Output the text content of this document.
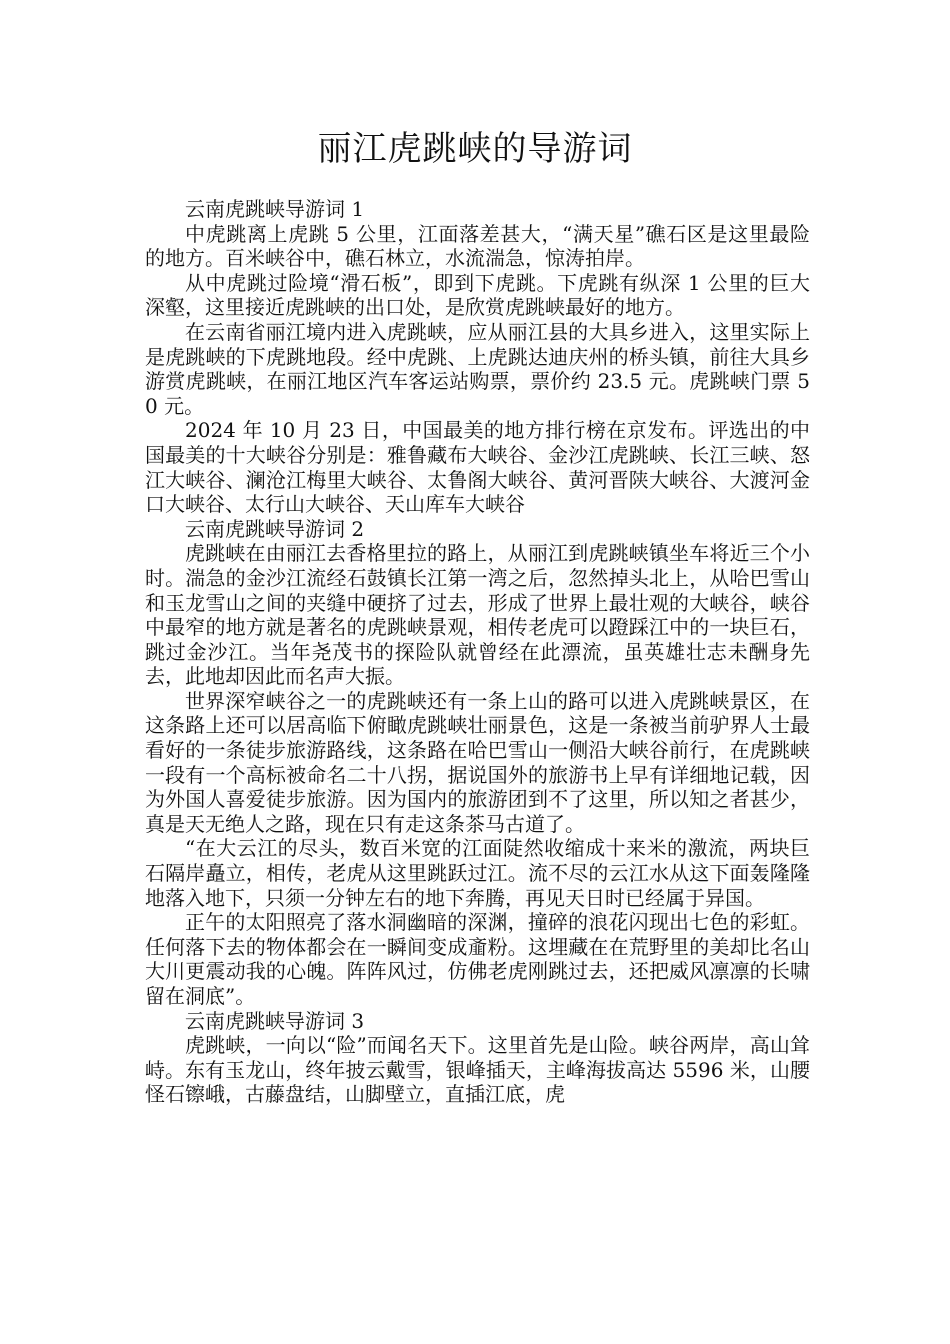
丽江虎跳峡的导游词

云南虎跳峡导游词 1

中虎跳离上虎跳 5 公里，江面落差甚大，“满天星”礁石区是这里最险的地方。百米峡谷中，礁石林立，水流湍急，惊涛拍岸。

从中虎跳过险境“滑石板”，即到下虎跳。下虎跳有纵深 1 公里的巨大深壑，这里接近虎跳峡的出口处，是欣赏虎跳峡最好的地方。

在云南省丽江境内进入虎跳峡，应从丽江县的大具乡进入，这里实际上是虎跳峡的下虎跳地段。经中虎跳、上虎跳达迪庆州的桥头镇，前往大具乡游赏虎跳峡，在丽江地区汽车客运站购票，票价约 23.5 元。虎跳峡门票 50 元。

2024 年 10 月 23 日，中国最美的地方排行榜在京发布。评选出的中国最美的十大峡谷分别是：雅鲁藏布大峡谷、金沙江虎跳峡、长江三峡、怒江大峡谷、澜沧江梅里大峡谷、太鲁阁大峡谷、黄河晋陕大峡谷、大渡河金口大峡谷、太行山大峡谷、天山库车大峡谷

云南虎跳峡导游词 2

虎跳峡在由丽江去香格里拉的路上，从丽江到虎跳峡镇坐车将近三个小时。湍急的金沙江流经石鼓镇长江第一湾之后，忽然掉头北上，从哈巴雪山和玉龙雪山之间的夹缝中硬挤了过去，形成了世界上最壮观的大峡谷，峡谷中最窄的地方就是著名的虎跳峡景观，相传老虎可以蹬踩江中的一块巨石，跳过金沙江。当年尧茂书的探险队就曾经在此漂流，虽英雄壮志未酬身先去，此地却因此而名声大振。

世界深窄峡谷之一的虎跳峡还有一条上山的路可以进入虎跳峡景区，在这条路上还可以居高临下俯瞰虎跳峡壮丽景色，这是一条被当前驴界人士最看好的一条徒步旅游路线，这条路在哈巴雪山一侧沿大峡谷前行，在虎跳峡一段有一个高标被命名二十八拐，据说国外的旅游书上早有详细地记载，因为外国人喜爱徒步旅游。因为国内的旅游团到不了这里，所以知之者甚少，真是天无绝人之路，现在只有走这条茶马古道了。

“在大云江的尽头，数百米宽的江面陡然收缩成十来米的激流，两块巨石隔岸矗立，相传，老虎从这里跳跃过江。流不尽的云江水从这下面轰隆隆地落入地下，只须一分钟左右的地下奔腾，再见天日时已经属于异国。

正午的太阳照亮了落水洞幽暗的深渊，撞碎的浪花闪现出七色的彩虹。任何落下去的物体都会在一瞬间变成齑粉。这埋藏在在荒野里的美却比名山大川更震动我的心魄。阵阵风过，仿佛老虎刚跳过去，还把威风凛凛的长啸留在洞底”。

云南虎跳峡导游词 3

虎跳峡，一向以“险”而闻名天下。这里首先是山险。峡谷两岸，高山耸峙。东有玉龙山，终年披云戴雪，银峰插天，主峰海拔高达 5596 米，山腰怪石镲峨，古藤盘结，山脚壁立，直插江底，虎
